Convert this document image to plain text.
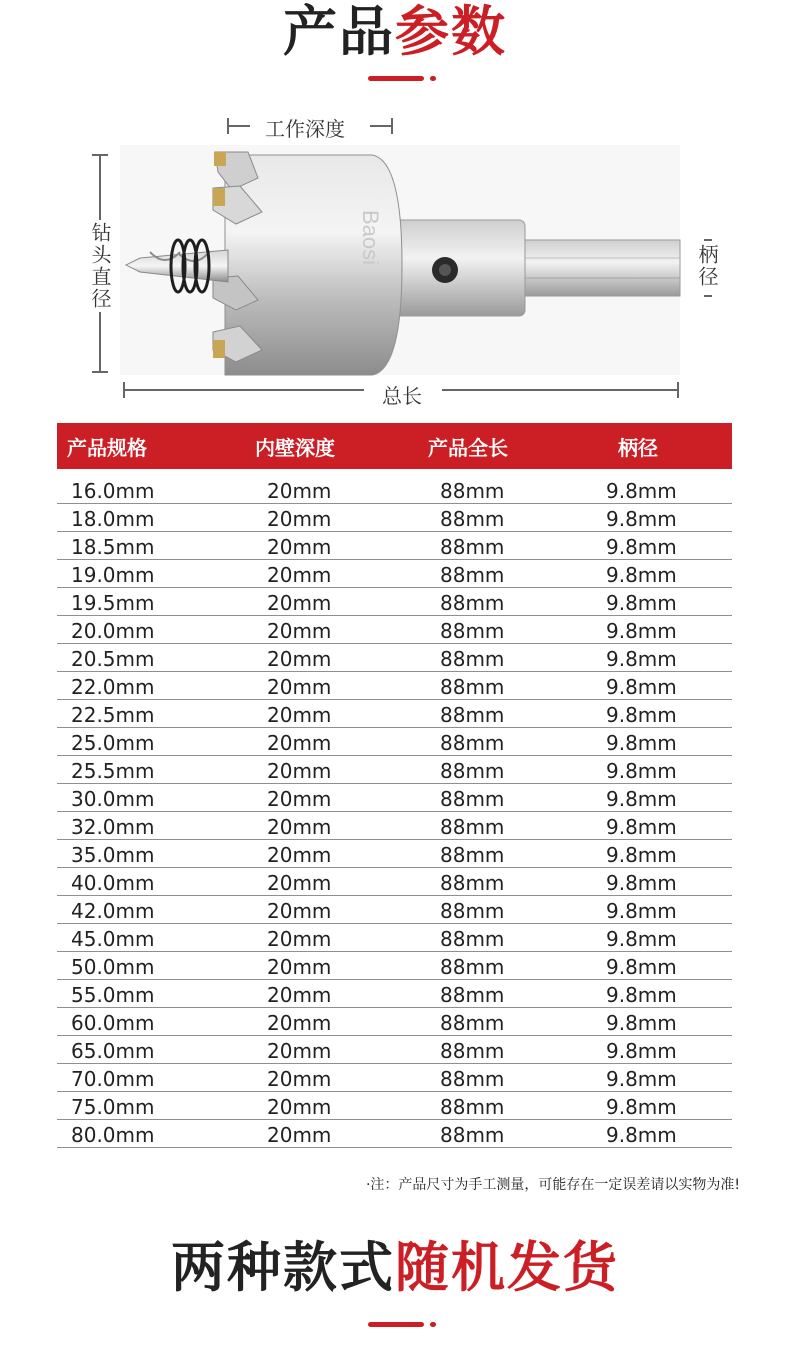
产品参数
Baosi
工作深度
钻头直径	柄径
总长
产品规格	内壁深度	产品全长	柄径
16.0mm	20mm	88mm	9.8mm
18.0mm	20mm	88mm	9.8mm
18.5mm	20mm	88mm	9.8mm
19.0mm	20mm	88mm	9.8mm
19.5mm	20mm	88mm	9.8mm
20.0mm	20mm	88mm	9.8mm
20.5mm	20mm	88mm	9.8mm
22.0mm	20mm	88mm	9.8mm
22.5mm	20mm	88mm	9.8mm
25.0mm	20mm	88mm	9.8mm
25.5mm	20mm	88mm	9.8mm
30.0mm	20mm	88mm	9.8mm
32.0mm	20mm	88mm	9.8mm
35.0mm	20mm	88mm	9.8mm
40.0mm	20mm	88mm	9.8mm
42.0mm	20mm	88mm	9.8mm
45.0mm	20mm	88mm	9.8mm
50.0mm	20mm	88mm	9.8mm
55.0mm	20mm	88mm	9.8mm
60.0mm	20mm	88mm	9.8mm
65.0mm	20mm	88mm	9.8mm
70.0mm	20mm	88mm	9.8mm
75.0mm	20mm	88mm	9.8mm
80.0mm	20mm	88mm	9.8mm
·注：产品尺寸为手工测量，可能存在一定误差请以实物为准!
两种款式随机发货
